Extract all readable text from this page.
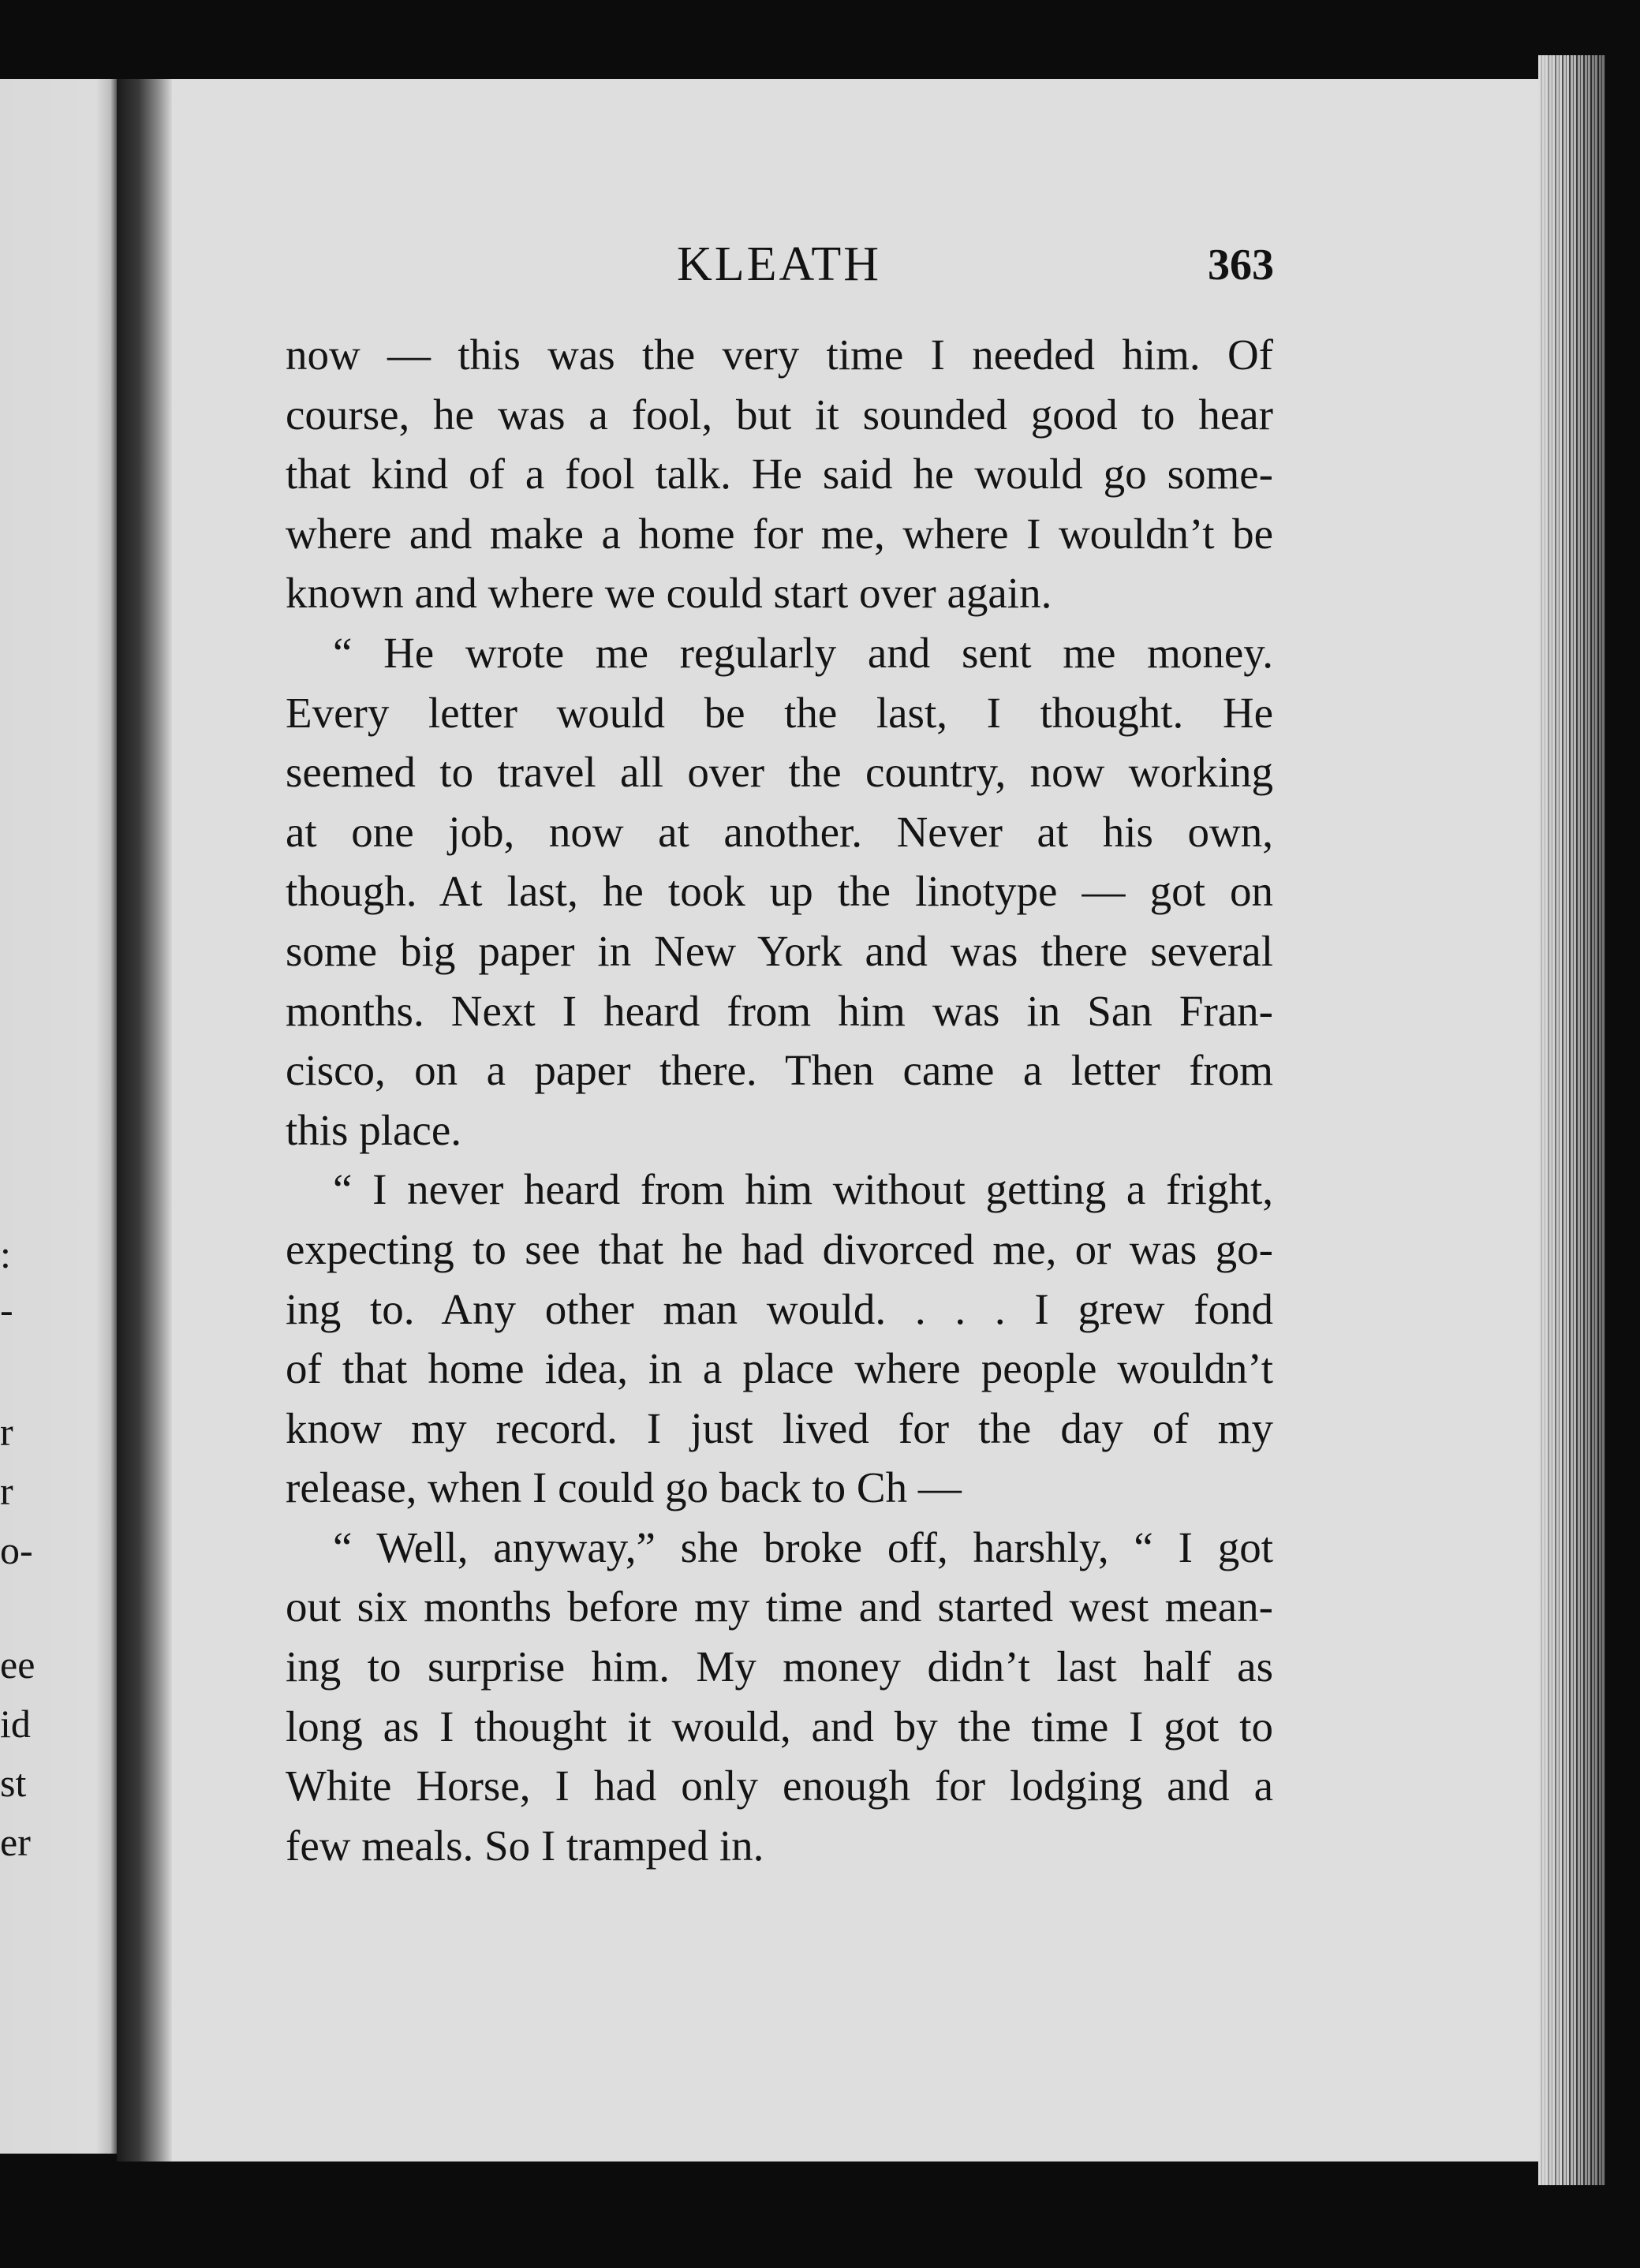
:
-
r
r
o-
ee
id
st
er
KLEATH	363
now — this was the very time I needed him. Of
course, he was a fool, but it sounded good to hear
that kind of a fool talk. He said he would go some-
where and make a home for me, where I wouldn’t be
known and where we could start over again.
“ He wrote me regularly and sent me money.
Every letter would be the last, I thought. He
seemed to travel all over the country, now working
at one job, now at another. Never at his own,
though. At last, he took up the linotype — got on
some big paper in New York and was there several
months. Next I heard from him was in San Fran-
cisco, on a paper there. Then came a letter from
this place.
“ I never heard from him without getting a fright,
expecting to see that he had divorced me, or was go-
ing to. Any other man would. . . . I grew fond
of that home idea, in a place where people wouldn’t
know my record. I just lived for the day of my
release, when I could go back to Ch —
“ Well, anyway,” she broke off, harshly, “ I got
out six months before my time and started west mean-
ing to surprise him. My money didn’t last half as
long as I thought it would, and by the time I got to
White Horse, I had only enough for lodging and a
few meals. So I tramped in.
